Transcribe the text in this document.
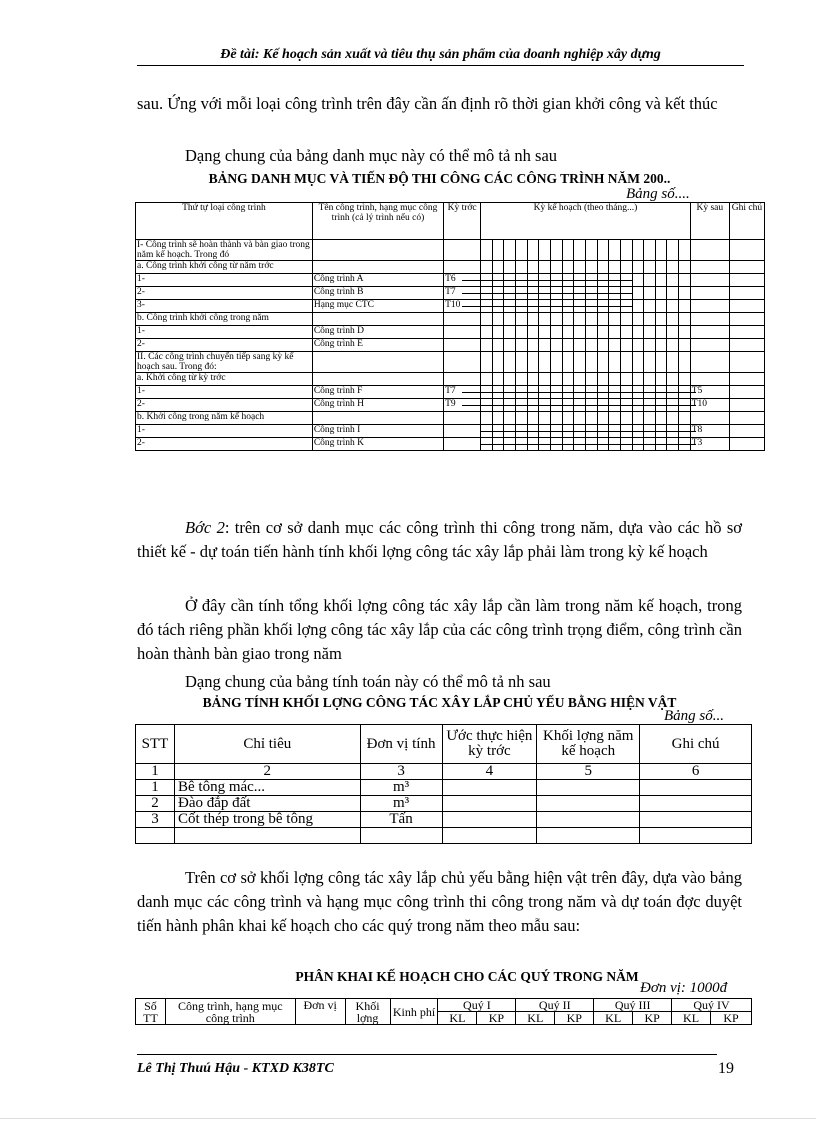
Đề tài: Kế hoạch sản xuất và tiêu thụ sản phẩm của doanh nghiệp xây dựng
sau. Ứng với mỗi loại công trình trên đây cần ấn định rõ thời gian khởi công và kết thúc
Dạng chung của bảng danh mục này có thể mô tả nh sau
BẢNG DANH MỤC VÀ TIẾN ĐỘ THI CÔNG CÁC CÔNG TRÌNH NĂM 200..
Bảng số....
Thứ tự loại công trình	Tên công trình, hạng mục công trình (cả lý trình nếu có)	Kỳ trớc	Kỳ kế hoạch (theo tháng...)																		Kỳ sau	Ghi chú
I- Công trình sẽ hoàn thành và bàn giao trong năm kế hoạch. Trong đó																						
a. Công trình khởi công từ năm trớc																						
1-	Công trình A	T6																				
2-	Công trình B	T7																				
3-	Hạng mục CTC	T10																				
b. Công trình khởi công trong năm																						
1-	Công trình D																					
2-	Công trình E																					
II. Các công trình chuyển tiếp sang kỳ kế hoạch sau. Trong đó:																						
a. Khởi công từ kỳ trớc																						
1-	Công trình F	T7																			T5	
2-	Công trình H	T9																			T10	
b. Khởi công trong năm kế hoạch																						
1-	Công trình I																				T8	
2-	Công trình K																				T3	
Bớc 2: trên cơ sở danh mục các công trình thi công trong năm, dựa vào các hồ sơ thiết kế - dự toán tiến hành tính khối lợng công tác xây lắp phải làm trong kỳ kế hoạch
Ở đây cần tính tổng khối lợng công tác xây lắp cần làm trong năm kế hoạch, trong đó tách riêng phần khối lợng công tác xây lắp của các công trình trọng điểm, công trình cần hoàn thành bàn giao trong năm
Dạng chung của bảng tính toán này có thể mô tả nh sau
BẢNG TÍNH KHỐI LỢNG CÔNG TÁC XÂY LẮP CHỦ YẾU BẰNG HIỆN VẬT
Bảng số...
STT	Chỉ tiêu	Đơn vị tính	Ước thực hiện kỳ trớc	Khối lợng năm kế hoạch	Ghi chú
1	2	3	4	5	6
1	Bê tông mác...	m³			
2	Đào đắp đất	m³			
3	Cốt thép trong bê tông	Tấn			

Trên cơ sở khối lợng công tác xây lắp chủ yếu bằng hiện vật trên đây, dựa vào bảng danh mục các công trình và hạng mục công trình thi công trong năm và dự toán đợc duyệt tiến hành phân khai kế hoạch cho các quý trong năm theo mẫu sau:
PHÂN KHAI KẾ HOẠCH CHO CÁC QUÝ TRONG NĂM
Đơn vị: 1000đ
Số TT	Công trình, hạng mục công trình	Đơn vị	Khối lợng	Kinh phí	Quý I		Quý II		Quý III		Quý IV	
					KL	KP	KL	KP	KL	KP	KL	KP
Lê Thị Thuú Hậu - KTXD K38TC	19
